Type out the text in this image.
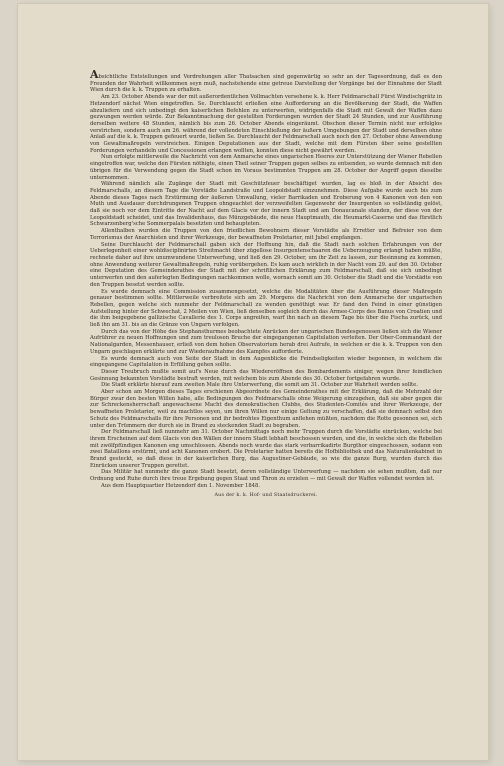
Absichtliche Entstellungen und Verdrehungen aller Thatsachen sind gegenwärtig so sehr an der Tagesordnung, daß es den Freunden der Wahrheit willkommen seyn muß, nachstehende eine getreue Darstellung der Vorgänge bei der Einnahme der Stadt Wien durch die k. k. Truppen zu erhalten.

Am 23. October Abends war der mit außerordentlichen Vollmachten versehene k. k. Herr Feldmarschall Fürst Windischgrätz in Hetzendorf nächst Wien eingetroffen. Se. Durchlaucht erließen eine Aufforderung an die Bevölkerung der Stadt, die Waffen abzuliefern und sich unbedingt den kaiserlichen Befehlen zu unterwerfen, widrigenfalls die Stadt mit Gewalt der Waffen dazu gezwungen werden würde. Zur Bekanntmachung der gestellten Forderungen wurden der Stadt 24 Stunden, und zur Ausführung derselben weitere 48 Stunden, nämlich bis zum 26. October Abends eingeräumt. Obschon dieser Termin nicht nur erfolglos verstrichen, sondern auch am 26. während der vollendeten Einschließung der äußern Umgebungen der Stadt und derselben ohne Anlaß auf die k. k. Truppen gefeuert wurde, ließen Se. Durchlaucht der Feldmarschall auch noch den 27. October ohne Anwendung von Gewaltmaßregeln verstreichen. Einigen Deputationen aus der Stadt, welche mit dem Fürsten über seine gestellten Forderungen verhandeln und Concessionen erlangen wollten, konnten diese nicht gewährt werden.

Nun erfolgte mittlerweile die Nachricht von dem Anmarsche eines ungarischen Heeres zur Unterstützung der Wiener Rebellen eingetroffen war, welche den Fürsten nöthigte, einen Theil seiner Truppen gegen selbes zu entsenden, so wurde demnach mit den übrigen für die Verwendung gegen die Stadt schon im Voraus bestimmten Truppen am 28. October der Angriff gegen dieselbe unternommen.

Während nämlich alle Zugänge der Stadt mit Geschützfeuer beschäftiget wurden, lag es bloß in der Absicht des Feldmarschalls, an diesem Tage die Vorstädte Landstraße und Leopoldstadt einzunehmen. Diese Aufgabe wurde auch bis zum Abende dieses Tages nach Erstürmung der äußeren Umwallung, vieler Barrikaden und Eroberung von 4 Kanonen von den von Muth und Ausdauer durchdrungenen Truppen ohngeachtet der verzweifelten Gegenwehr der Insurgenten so vollständig gelöst, daß sie noch vor dem Eintritte der Nacht auf dem Glacis vor der innern Stadt und am Donaucanale standen, der diese von der Leopoldstadt scheidet, und das Invalidenhaus, das Münzgebäude, die neue Hauptmauth, die Heumarkt-Caserne und das fürstlich Schwarzenberg'sche Sommerpalais besetzten und behaupteten.

Allenthalben wurden die Truppen von den friedlichen Bewohnern dieser Vorstädte als Erretter und Befreier von dem Terrorismus der Anarchisten und ihrer Werkzeuge, der bewaffneten Proletarier, mit Jubel empfangen.

Seine Durchlaucht der Feldmarschall gaben sich der Hoffnung hin, daß die Stadt nach solchen Erfahrungen von der Ueberlegenheit einer wohldisciplinirten Streitmacht über zügellose Insurgentenschaaren die Ueberzeugung erlangt haben müßte, rechnete daher auf ihre unumwundene Unterwerfung, und ließ den 29. October, um ihr Zeit zu lassen, zur Besinnung zu kommen, ohne Anwendung weiterer Gewaltmaßregeln, ruhig vorübergehen. Es kam auch wirklich in der Nacht vom 29. auf den 30. October eine Deputation des Gemeinderathes der Stadt mit der schriftlichen Erklärung zum Feldmarschall, daß sie sich unbedingt unterwerfen und den auferlegten Bedingungen nachkommen wolle, wornach somit am 30. October die Stadt und die Vorstädte von den Truppen besetzt werden sollte.

Es wurde demnach eine Commission zusammengesetzt, welche die Modalitäten über die Ausführung dieser Maßregeln genauer bestimmen sollte. Mittlerweile verbreitete sich am 29. Morgens die Nachricht von dem Anmarsche der ungarischen Rebellen, gegen welche sich nunmehr der Feldmarschall zu wenden genöthigt war. Er fand den Feind in einer günstigen Aufstellung hinter der Schwechat, 2 Meilen von Wien, ließ denselben sogleich durch das Armee-Corps des Banus von Croatien und die ihm beigegebene gallizische Cavallerie des 1. Corps angreifen, warf ihn nach an diesem Tage bis über die Fischa zurück, und ließ ihn am 31. bis an die Gränze von Ungarn verfolgen.

Durch das von der Höhe des Stephansthurmes beobachtete Anrücken der ungarischen Bundesgenossen ließen sich die Wiener Aufrührer zu neuen Hoffnungen und zum treulosen Bruche der eingegangenen Capitulation verleiten. Der Ober-Commandant der Nationalgarden, Messenhauser, erließ von dem hohen Observatorium herab drei Aufrufe, in welchen er die k. k. Truppen von den Ungarn geschlagen erklärte und zur Wiederaufnahme des Kampfes aufforderte.

Es wurde demnach auch von Seite der Stadt in dem Augenblicke die Feindseligkeiten wieder begonnen, in welchem die eingegangene Capitulation in Erfüllung gehen sollte.

Dieser Treubruch mußte somit auf's Neue durch das Wiedereröffnen des Bombardements einiger, wegen ihrer feindlichen Gesinnung bekannten Vorstädte bestraft werden, mit welchem bis zum Abende des 30. October fortgefahren wurde.

Die Stadt erklärte hierauf zum zweiten Male ihre Unterwerfung, die somit am 31. October zur Wahrheit werden sollte.

Aber schon am Morgen dieses Tages erschienen Abgeordnete des Gemeinderathes mit der Erklärung, daß die Mehrzahl der Bürger zwar den besten Willen habe, alle Bedingungen des Feldmarschalls ohne Weigerung einzugehen, daß sie aber gegen die zur Schreckensherrschaft angewachsene Macht des demokratischen Clubbs, des Studenten-Comités und ihrer Werkzeuge, der bewaffneten Proletarier, weil zu machtlos seyen, um ihren Willen nur einige Geltung zu verschaffen, daß sie demnach selbst den Schutz des Feldmarschalls für ihre Personen und ihr bedrohtes Eigenthum anflehen müßten, nachdem die Rotte gesonnen sei, sich unter den Trümmern der durch sie in Brand zu steckenden Stadt zu begraben.

Der Feldmarschall ließ nunmehr am 31. October Nachmittags noch mehr Truppen durch die Vorstädte einrücken, welche bei ihrem Erscheinen auf dem Glacis von den Wällen der innern Stadt lebhaft beschossen wurden, und die, in welche sich die Rebellen mit zwölfpfündigen Kanonen eng umschlossen. Abends noch wurde das stark verbarrikadirte Burgthor eingeschossen, sodann von zwei Bataillons erstürmt, und acht Kanonen erobert. Die Proletarier hatten bereits die Hofbibliothek und das Naturalienkabinet in Brand gesteckt, so daß diese in der kaiserlichen Burg, das Augustiner-Gebäude, so wie die ganze Burg, wurden durch das Einrücken unserer Truppen gerettet.

Das Militär hat nunmehr die ganze Stadt besetzt, deren vollständige Unterwerfung — nachdem sie sehen mußten, daß nur Ordnung und Ruhe durch ihre treue Ergebung gegen Staat und Thron zu erzielen — mit Gewalt der Waffen vollendet worden ist.

Aus dem Hauptquartier Hetzendorf den 1. November 1848.

Aus der k. k. Hof- und Staatsdruckerei.
